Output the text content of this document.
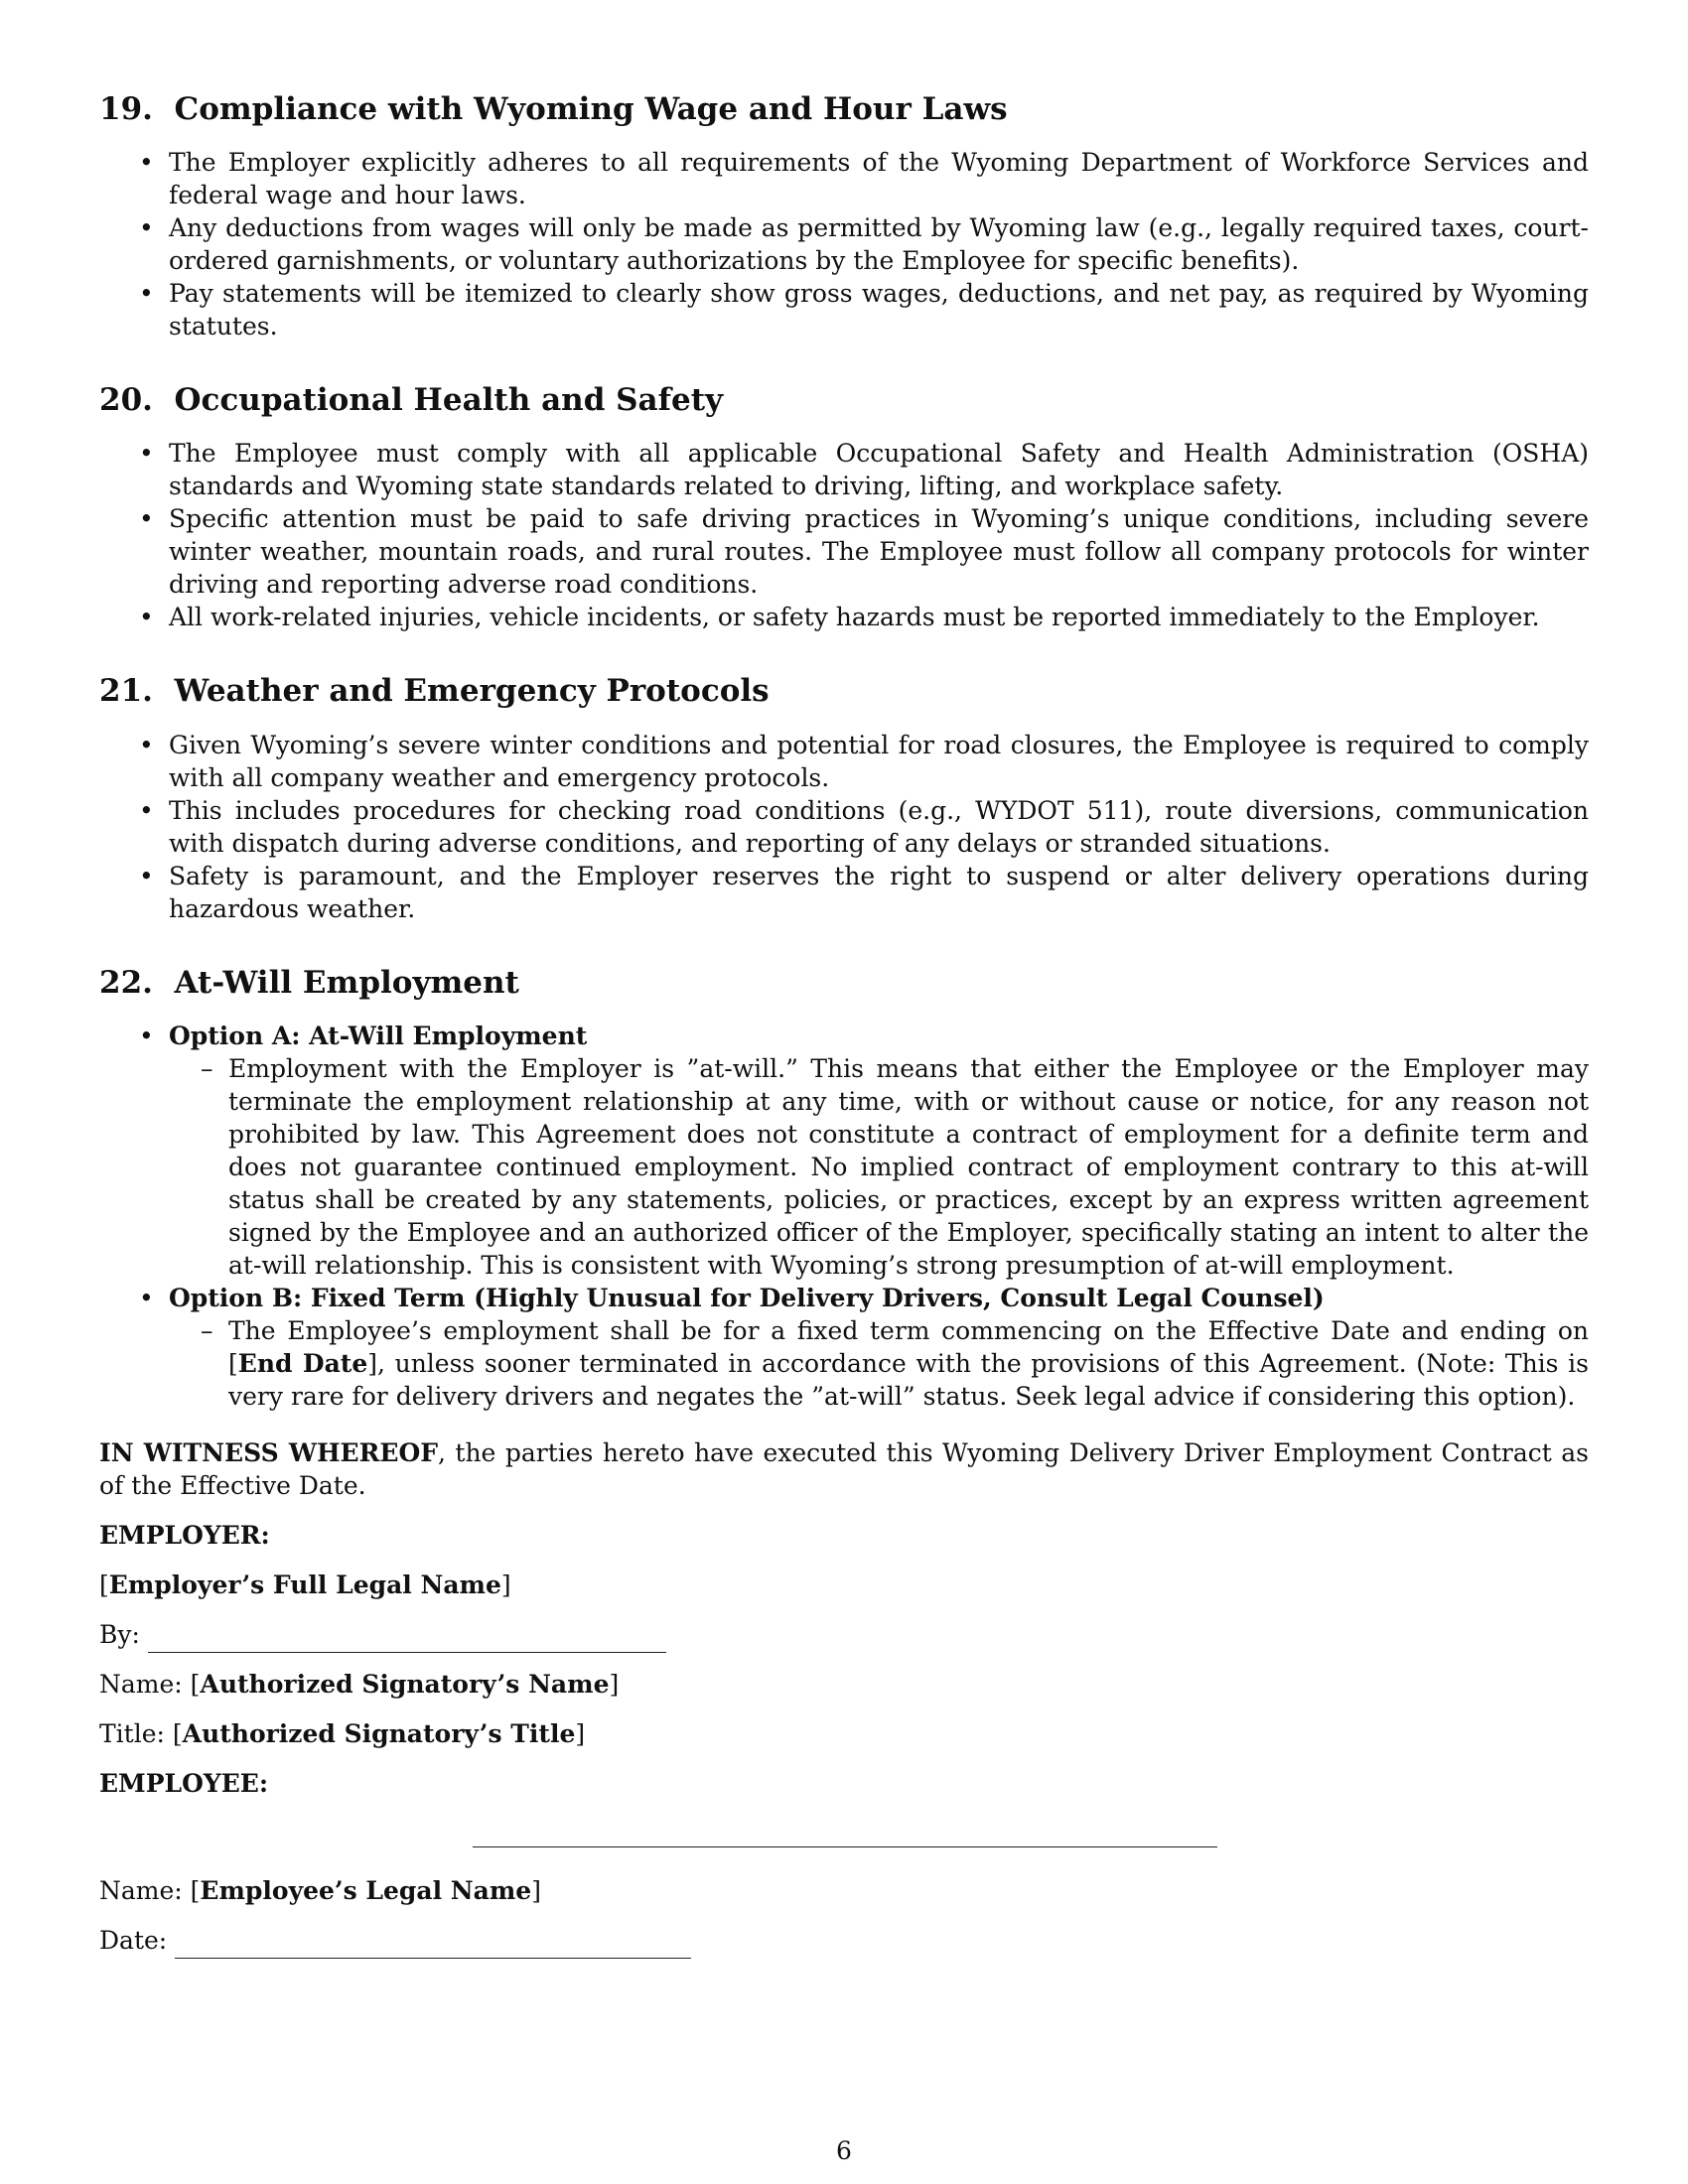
19. Compliance with Wyoming Wage and Hour Laws
• The Employer explicitly adheres to all requirements of the Wyoming Department of Workforce Services and federal wage and hour laws.
• Any deductions from wages will only be made as permitted by Wyoming law (e.g., legally required taxes, court-ordered garnishments, or voluntary authorizations by the Employee for specific benefits).
• Pay statements will be itemized to clearly show gross wages, deductions, and net pay, as required by Wyoming statutes.
20. Occupational Health and Safety
• The Employee must comply with all applicable Occupational Safety and Health Administration (OSHA) standards and Wyoming state standards related to driving, lifting, and workplace safety.
• Specific attention must be paid to safe driving practices in Wyoming’s unique conditions, including severe winter weather, mountain roads, and rural routes. The Employee must follow all company protocols for winter driving and reporting adverse road conditions.
• All work-related injuries, vehicle incidents, or safety hazards must be reported immediately to the Employer.
21. Weather and Emergency Protocols
• Given Wyoming’s severe winter conditions and potential for road closures, the Employee is required to comply with all company weather and emergency protocols.
• This includes procedures for checking road conditions (e.g., WYDOT 511), route diversions, communication with dispatch during adverse conditions, and reporting of any delays or stranded situations.
• Safety is paramount, and the Employer reserves the right to suspend or alter delivery operations during hazardous weather.
22. At-Will Employment
• Option A: At-Will Employment
– Employment with the Employer is ”at-will.” This means that either the Employee or the Employer may terminate the employment relationship at any time, with or without cause or notice, for any reason not prohibited by law. This Agreement does not constitute a contract of employment for a definite term and does not guarantee continued employment. No implied contract of employment contrary to this at-will status shall be created by any statements, policies, or practices, except by an express written agreement signed by the Employee and an authorized officer of the Employer, specifically stating an intent to alter the at-will relationship. This is consistent with Wyoming’s strong presumption of at-will employment.
• Option B: Fixed Term (Highly Unusual for Delivery Drivers, Consult Legal Counsel)
– The Employee’s employment shall be for a fixed term commencing on the Effective Date and ending on [End Date], unless sooner terminated in accordance with the provisions of this Agreement. (Note: This is very rare for delivery drivers and negates the ”at-will” status. Seek legal advice if considering this option).

IN WITNESS WHEREOF, the parties hereto have executed this Wyoming Delivery Driver Employment Contract as of the Effective Date.

EMPLOYER:
[Employer’s Full Legal Name]
By:
Name: [Authorized Signatory’s Name]
Title: [Authorized Signatory’s Title]
EMPLOYEE:
Name: [Employee’s Legal Name]
Date:
6
